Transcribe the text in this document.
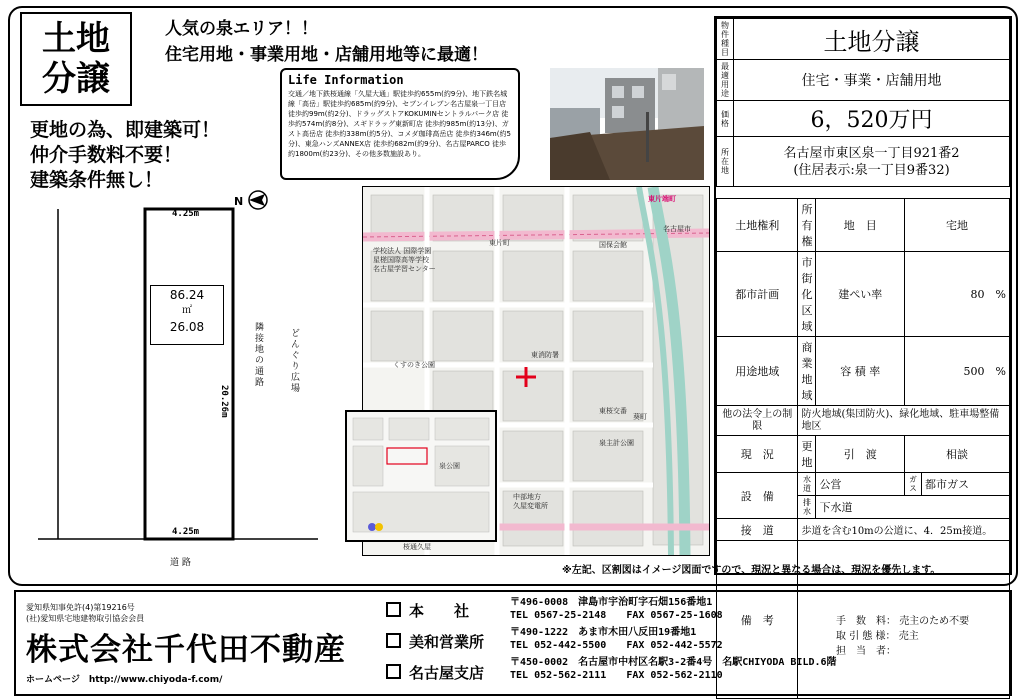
土地
分譲
人気の泉エリア！！
住宅用地・事業用地・店舗用地等に最適！
更地の為、即建築可！
仲介手数料不要！
建築条件無し！
Life Information
交通／地下鉄桜通線「久屋大通」駅徒歩約655m(約9分)、地下鉄名城線「高岳」駅徒歩約685m(約9分)、セブンイレブン名古屋泉一丁目店 徒歩約99m(約2分)、ドラッグストアKOKUMINセントラルパーク店 徒歩約574m(約8分)、スギドラッグ東新町店 徒歩約985m(約13分)、ガスト高岳店 徒歩約338m(約5分)、コメダ珈琲高岳店 徒歩約346m(約5分)、東急ハンズANNEX店 徒歩約682m(約9分)、名古屋PARCO 徒歩約1800m(約23分)、その他多数施設あり。
N
4.25m
4.25m
20.26m
86.24
㎡
26.08	隣接地の通路	どんぐり広場
道 路
東片端町
名古屋市
国保会館
東片町
学校法人 国際学園
星槎国際高等学校
名古屋学習センター
くすのき公園
東消防署
葵町
東桜交番
泉主計公園
中部地方
久屋変電所
桜通久屋
泉公園
※左記、区割図はイメージ図面ですので、現況と異なる場合は、現況を優先します。
物件種目	土地分譲				
最適用途	住宅・事業・店舗用地				
価格	6，520万円				
所在地	名古屋市東区泉一丁目921番2
(住居表示:泉一丁目9番32)				

土地権利		所有権	地　目	宅地	
都市計画		市街化区域	建ぺい率	80　%	
用途地域		商業地域	容 積 率	500　%	
他の法令上の制限		防火地域(集団防火)、緑化地域、駐車場整備地区			
現　況		更地	引　渡	相談	
設　備		水道	公営	ガス	都市ガス
		排水	下水道		
接　道		歩道を含む10mの公道に、4．25m接道。			
備　考					
愛知県知事免許(4)第19216号
(社)愛知県宅地建物取引協会会員
株式会社千代田不動産
ホームページ　http://www.chiyoda-f.com/
本　　社
美和営業所
名古屋支店
〒496-0008　津島市宇治町字石畑156番地1
TEL 0567-25-2148　　FAX 0567-25-1608
〒490-1222　あま市木田八反田19番地1
TEL 052-442-5500　　FAX 052-442-5572
〒450-0002　名古屋市中村区名駅3-2番4号　名駅CHIYODA BILD.6階
TEL 052-562-2111　　FAX 052-562-2110
手　数　料： 売主のため不要
取 引 態 様： 売主
担　当　者：
